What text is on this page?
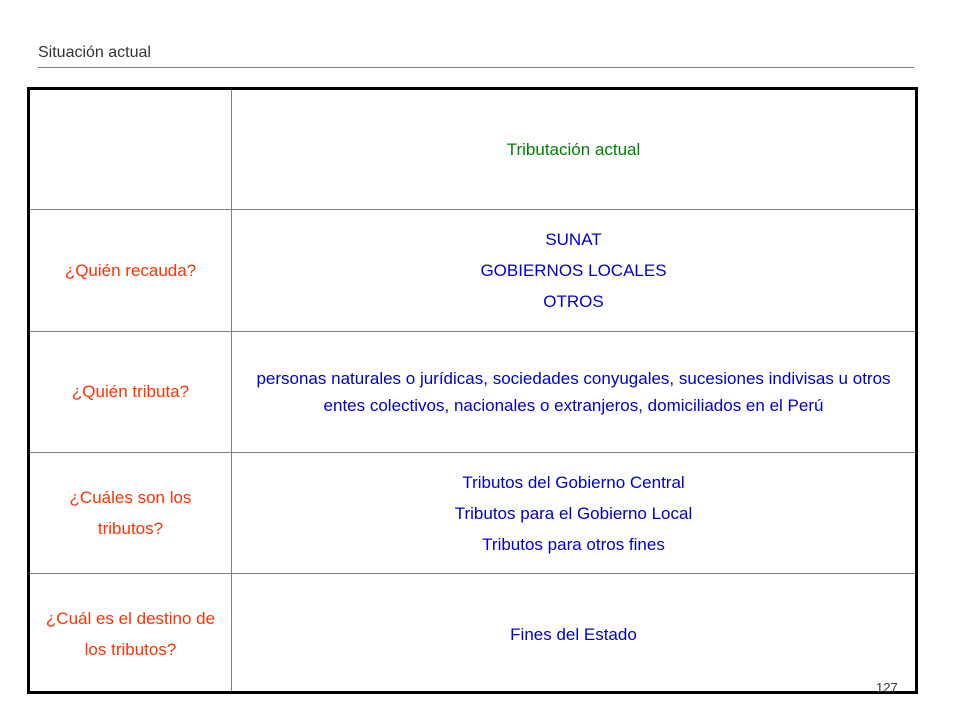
Situación actual
	Tributación actual
¿Quién recauda?	SUNAT
GOBIERNOS LOCALES
OTROS

¿Quién tributa?	personas naturales o jurídicas, sociedades conyugales, sucesiones indivisas u otros entes colectivos, nacionales o extranjeros, domiciliados en el Perú
¿Cuáles son los tributos?	Tributos del Gobierno Central
Tributos para el Gobierno Local
Tributos para otros fines

¿Cuál es el destino de los tributos?	Fines del Estado
127
